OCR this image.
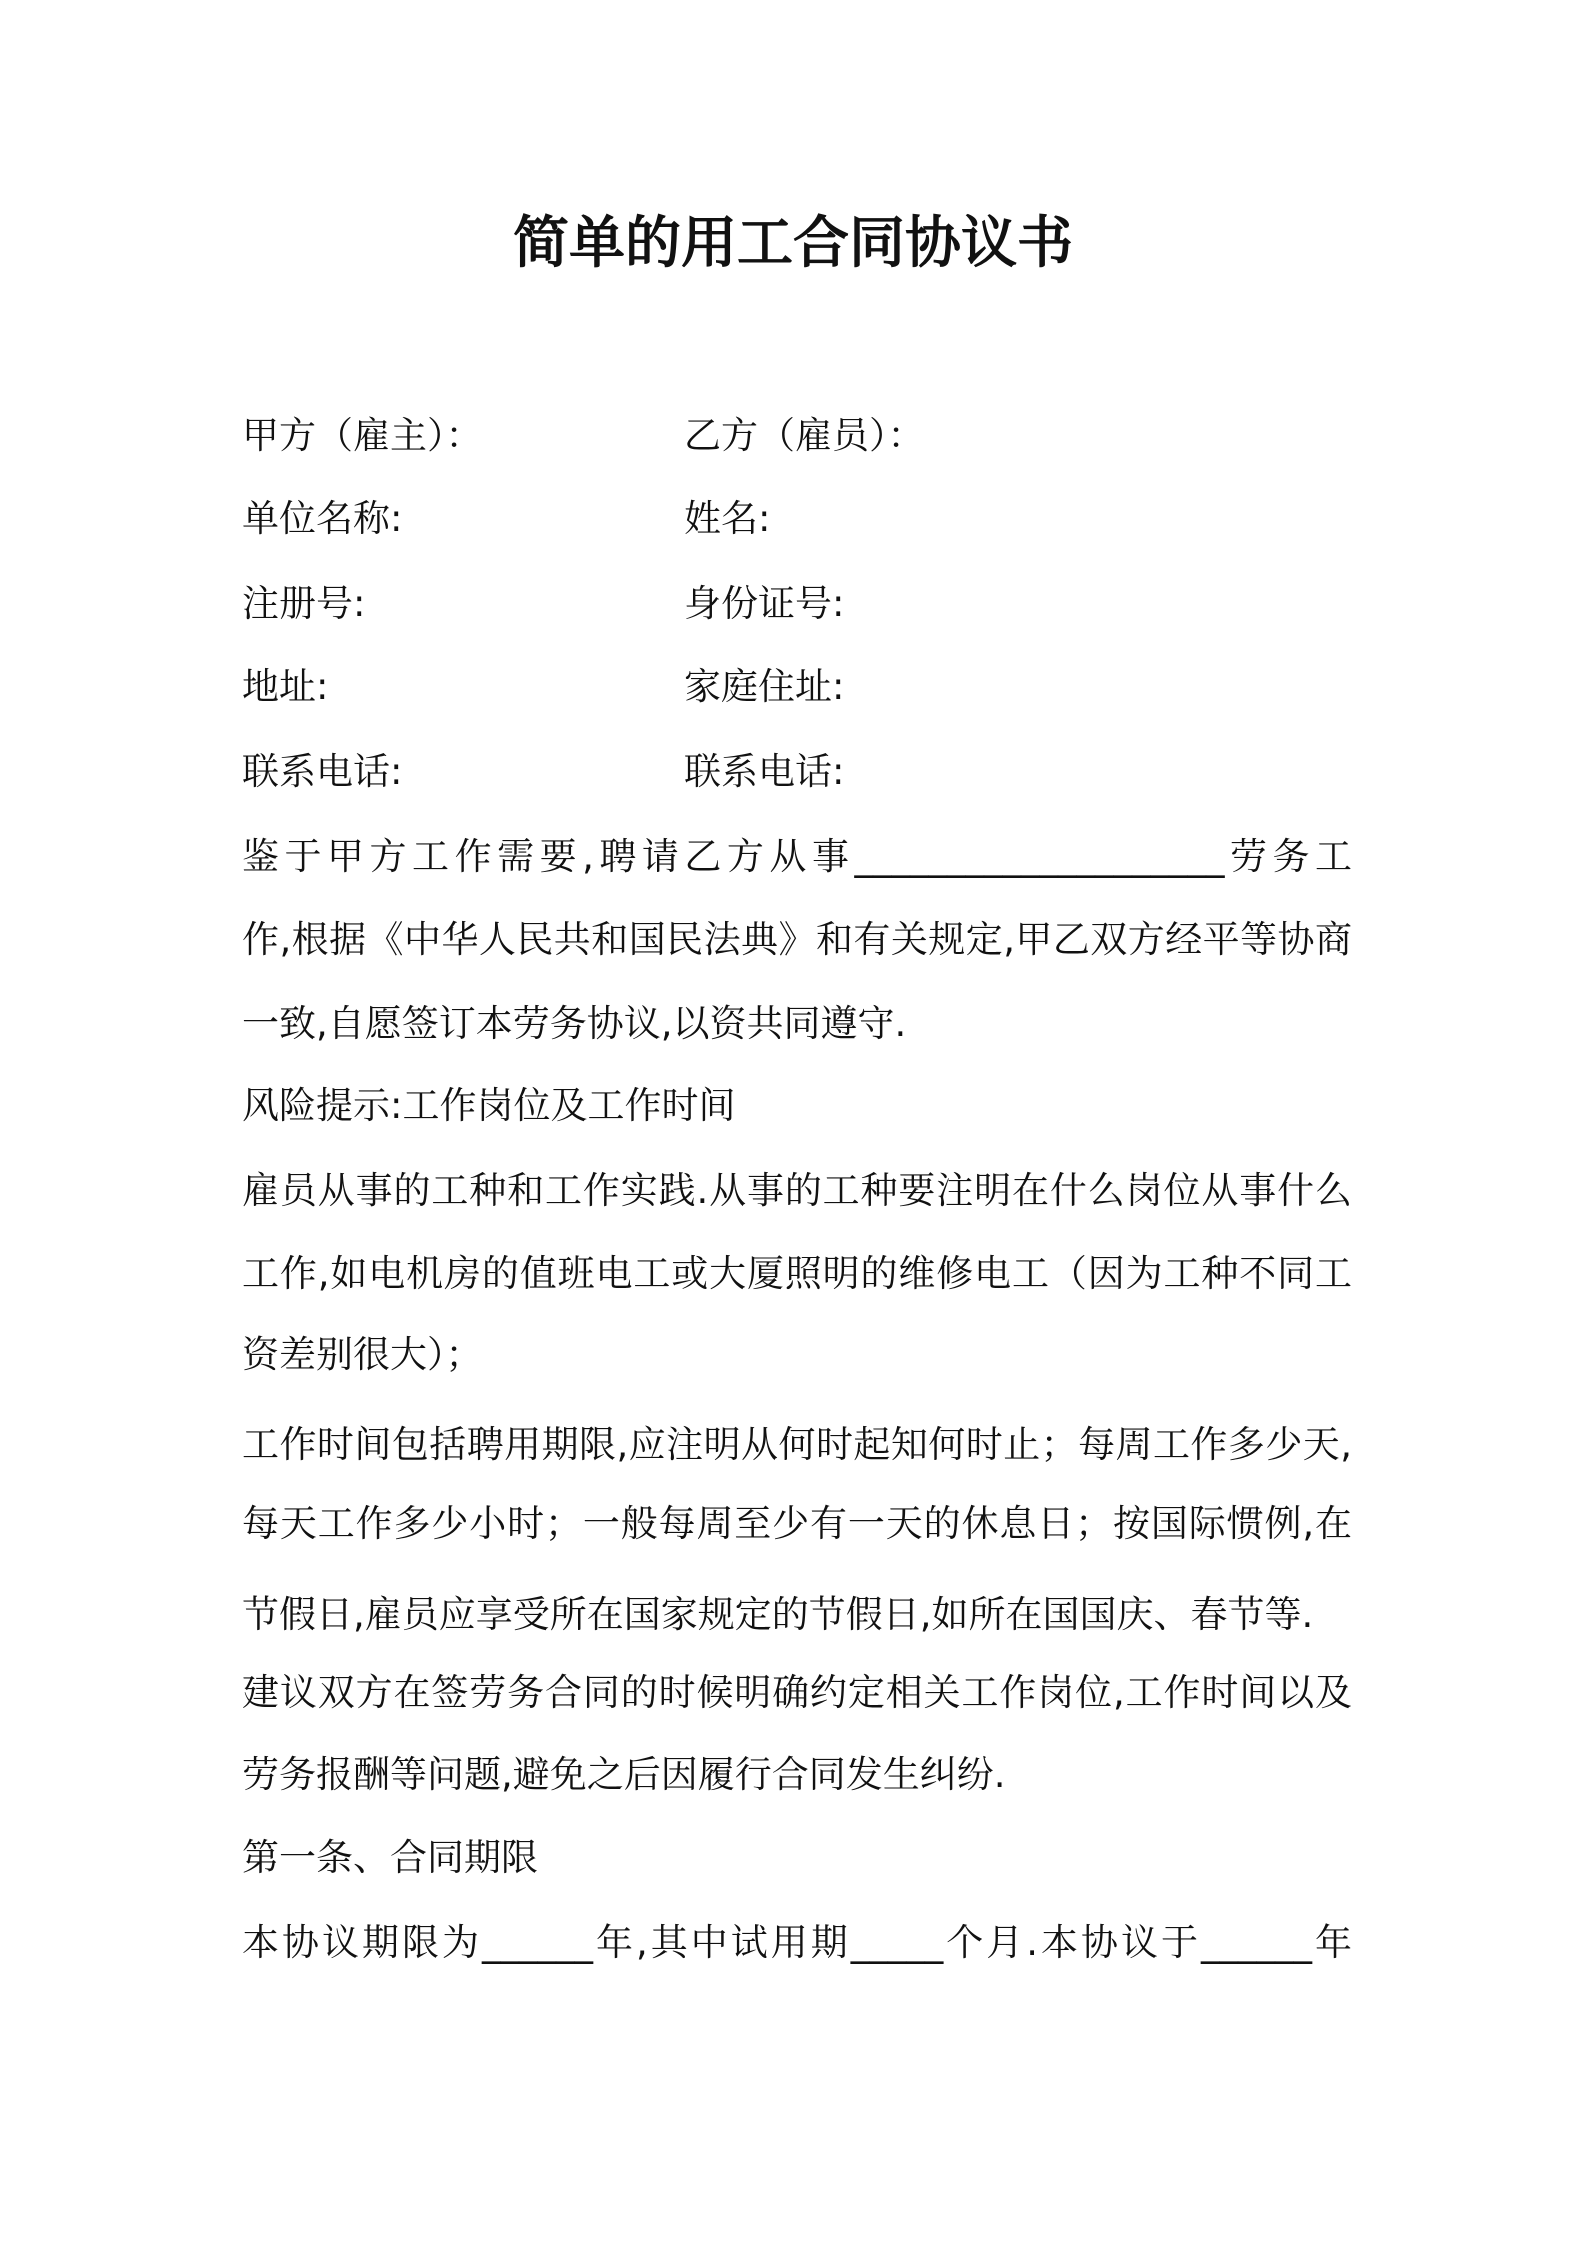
简单的用工合同协议书
甲方（雇主）：	乙方（雇员）：
单位名称:	姓名:
注册号:	身份证号:
地址:	家庭住址:
联系电话:	联系电话:
鉴于甲方工作需要,聘请乙方从事____________________劳务工
作,根据《中华人民共和国民法典》和有关规定,甲乙双方经平等协商
一致,自愿签订本劳务协议,以资共同遵守.
风险提示:工作岗位及工作时间
雇员从事的工种和工作实践.从事的工种要注明在什么岗位从事什么
工作,如电机房的值班电工或大厦照明的维修电工（因为工种不同工
资差别很大）；
工作时间包括聘用期限,应注明从何时起知何时止；每周工作多少天,
每天工作多少小时；一般每周至少有一天的休息日；按国际惯例,在
节假日,雇员应享受所在国家规定的节假日,如所在国国庆、春节等.
建议双方在签劳务合同的时候明确约定相关工作岗位,工作时间以及
劳务报酬等问题,避免之后因履行合同发生纠纷.
第一条、合同期限
本协议期限为______年,其中试用期_____个月.本协议于______年
